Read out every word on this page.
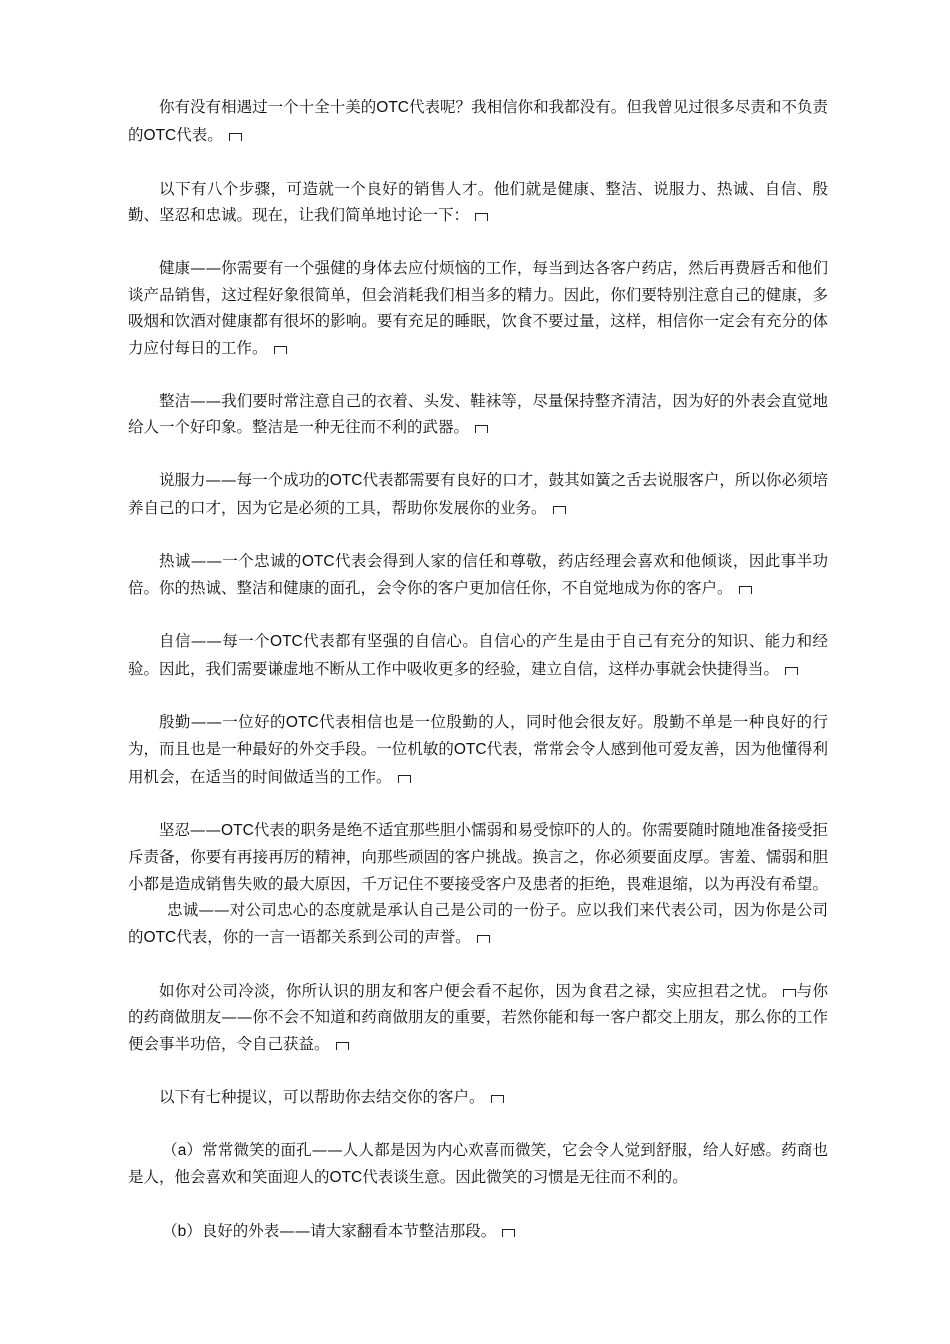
你有没有相遇过一个十全十美的OTC代表呢？我相信你和我都没有。但我曾见过很多尽责和不负责的OTC代表。

以下有八个步骤，可造就一个良好的销售人才。他们就是健康、整洁、说服力、热诚、自信、殷勤、坚忍和忠诚。现在，让我们简单地讨论一下：

健康——你需要有一个强健的身体去应付烦恼的工作，每当到达各客户药店，然后再费唇舌和他们谈产品销售，这过程好象很简单，但会消耗我们相当多的精力。因此，你们要特别注意自己的健康，多吸烟和饮酒对健康都有很坏的影响。要有充足的睡眠，饮食不要过量，这样，相信你一定会有充分的体力应付每日的工作。

整洁——我们要时常注意自己的衣着、头发、鞋袜等，尽量保持整齐清洁，因为好的外表会直觉地给人一个好印象。整洁是一种无往而不利的武器。

说服力——每一个成功的OTC代表都需要有良好的口才，鼓其如簧之舌去说服客户，所以你必须培养自己的口才，因为它是必须的工具，帮助你发展你的业务。

热诚——一个忠诚的OTC代表会得到人家的信任和尊敬，药店经理会喜欢和他倾谈，因此事半功倍。你的热诚、整洁和健康的面孔，会令你的客户更加信任你，不自觉地成为你的客户。

自信——每一个OTC代表都有坚强的自信心。自信心的产生是由于自己有充分的知识、能力和经验。因此，我们需要谦虚地不断从工作中吸收更多的经验，建立自信，这样办事就会快捷得当。

殷勤——一位好的OTC代表相信也是一位殷勤的人，同时他会很友好。殷勤不单是一种良好的行为，而且也是一种最好的外交手段。一位机敏的OTC代表，常常会令人感到他可爱友善，因为他懂得利用机会，在适当的时间做适当的工作。

坚忍——OTC代表的职务是绝不适宜那些胆小懦弱和易受惊吓的人的。你需要随时随地准备接受拒斥责备，你要有再接再厉的精神，向那些顽固的客户挑战。换言之，你必须要面皮厚。害羞、懦弱和胆小都是造成销售失败的最大原因，千万记住不要接受客户及患者的拒绝，畏难退缩，以为再没有希望。忠诚——对公司忠心的态度就是承认自己是公司的一份子。应以我们来代表公司，因为你是公司的OTC代表，你的一言一语都关系到公司的声誉。

如你对公司冷淡，你所认识的朋友和客户便会看不起你，因为食君之禄，实应担君之忧。 与你的药商做朋友——你不会不知道和药商做朋友的重要，若然你能和每一客户都交上朋友，那么你的工作便会事半功倍，令自己获益。

以下有七种提议，可以帮助你去结交你的客户。

（a）常常微笑的面孔——人人都是因为内心欢喜而微笑，它会令人觉到舒服，给人好感。药商也是人，他会喜欢和笑面迎人的OTC代表谈生意。因此微笑的习惯是无往而不利的。

（b）良好的外表——请大家翻看本节整洁那段。
